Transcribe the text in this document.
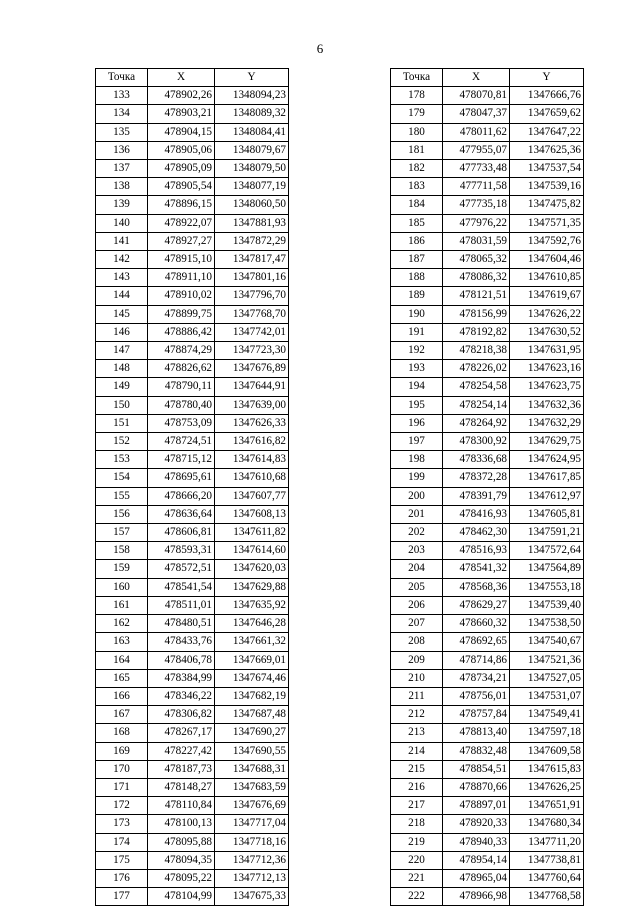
6
Точка	X	Y
133	478902,26	1348094,23
134	478903,21	1348089,32
135	478904,15	1348084,41
136	478905,06	1348079,67
137	478905,09	1348079,50
138	478905,54	1348077,19
139	478896,15	1348060,50
140	478922,07	1347881,93
141	478927,27	1347872,29
142	478915,10	1347817,47
143	478911,10	1347801,16
144	478910,02	1347796,70
145	478899,75	1347768,70
146	478886,42	1347742,01
147	478874,29	1347723,30
148	478826,62	1347676,89
149	478790,11	1347644,91
150	478780,40	1347639,00
151	478753,09	1347626,33
152	478724,51	1347616,82
153	478715,12	1347614,83
154	478695,61	1347610,68
155	478666,20	1347607,77
156	478636,64	1347608,13
157	478606,81	1347611,82
158	478593,31	1347614,60
159	478572,51	1347620,03
160	478541,54	1347629,88
161	478511,01	1347635,92
162	478480,51	1347646,28
163	478433,76	1347661,32
164	478406,78	1347669,01
165	478384,99	1347674,46
166	478346,22	1347682,19
167	478306,82	1347687,48
168	478267,17	1347690,27
169	478227,42	1347690,55
170	478187,73	1347688,31
171	478148,27	1347683,59
172	478110,84	1347676,69
173	478100,13	1347717,04
174	478095,88	1347718,16
175	478094,35	1347712,36
176	478095,22	1347712,13
177	478104,99	1347675,33
Точка	X	Y
178	478070,81	1347666,76
179	478047,37	1347659,62
180	478011,62	1347647,22
181	477955,07	1347625,36
182	477733,48	1347537,54
183	477711,58	1347539,16
184	477735,18	1347475,82
185	477976,22	1347571,35
186	478031,59	1347592,76
187	478065,32	1347604,46
188	478086,32	1347610,85
189	478121,51	1347619,67
190	478156,99	1347626,22
191	478192,82	1347630,52
192	478218,38	1347631,95
193	478226,02	1347623,16
194	478254,58	1347623,75
195	478254,14	1347632,36
196	478264,92	1347632,29
197	478300,92	1347629,75
198	478336,68	1347624,95
199	478372,28	1347617,85
200	478391,79	1347612,97
201	478416,93	1347605,81
202	478462,30	1347591,21
203	478516,93	1347572,64
204	478541,32	1347564,89
205	478568,36	1347553,18
206	478629,27	1347539,40
207	478660,32	1347538,50
208	478692,65	1347540,67
209	478714,86	1347521,36
210	478734,21	1347527,05
211	478756,01	1347531,07
212	478757,84	1347549,41
213	478813,40	1347597,18
214	478832,48	1347609,58
215	478854,51	1347615,83
216	478870,66	1347626,25
217	478897,01	1347651,91
218	478920,33	1347680,34
219	478940,33	1347711,20
220	478954,14	1347738,81
221	478965,04	1347760,64
222	478966,98	1347768,58
